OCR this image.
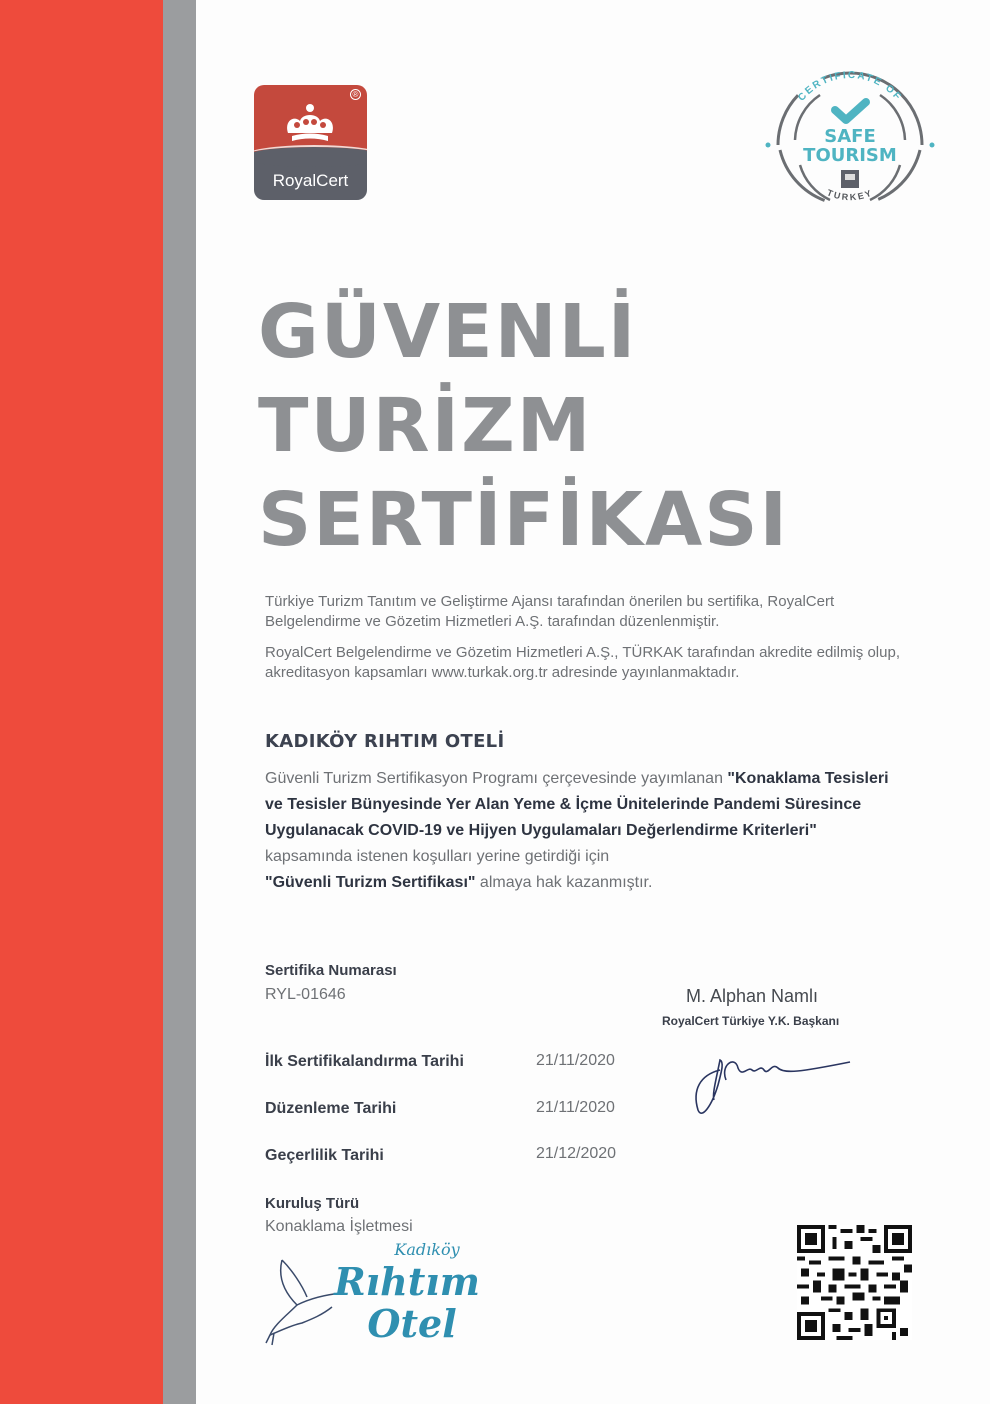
®
RoyalCert
CERTIFICATE OF
SAFE
TOURISM
TURKEY
GÜVENLİ
TURİZM
SERTİFİKASI
Türkiye Turizm Tanıtım ve Geliştirme Ajansı tarafından önerilen bu sertifika, RoyalCert Belgelendirme ve Gözetim Hizmetleri A.Ş. tarafından düzenlenmiştir.
RoyalCert Belgelendirme ve Gözetim Hizmetleri A.Ş., TÜRKAK tarafından akredite edilmiş olup, akreditasyon kapsamları www.turkak.org.tr adresinde yayınlanmaktadır.
KADIKÖY RIHTIM OTELİ
Güvenli Turizm Sertifikasyon Programı çerçevesinde yayımlanan "Konaklama Tesisleri ve Tesisler Bünyesinde Yer Alan Yeme & İçme Ünitelerinde Pandemi Süresince Uygulanacak COVID-19 ve Hijyen Uygulamaları Değerlendirme Kriterleri" kapsamında istenen koşulları yerine getirdiği için
"Güvenli Turizm Sertifikası" almaya hak kazanmıştır.
Sertifika Numarası
RYL-01646
İlk Sertifikalandırma Tarihi	21/11/2020
Düzenleme Tarihi	21/11/2020
Geçerlilik Tarihi	21/12/2020
M. Alphan Namlı
RoyalCert Türkiye Y.K. Başkanı
Kuruluş Türü
Konaklama İşletmesi
Kadıköy
Rıhtım
Otel
